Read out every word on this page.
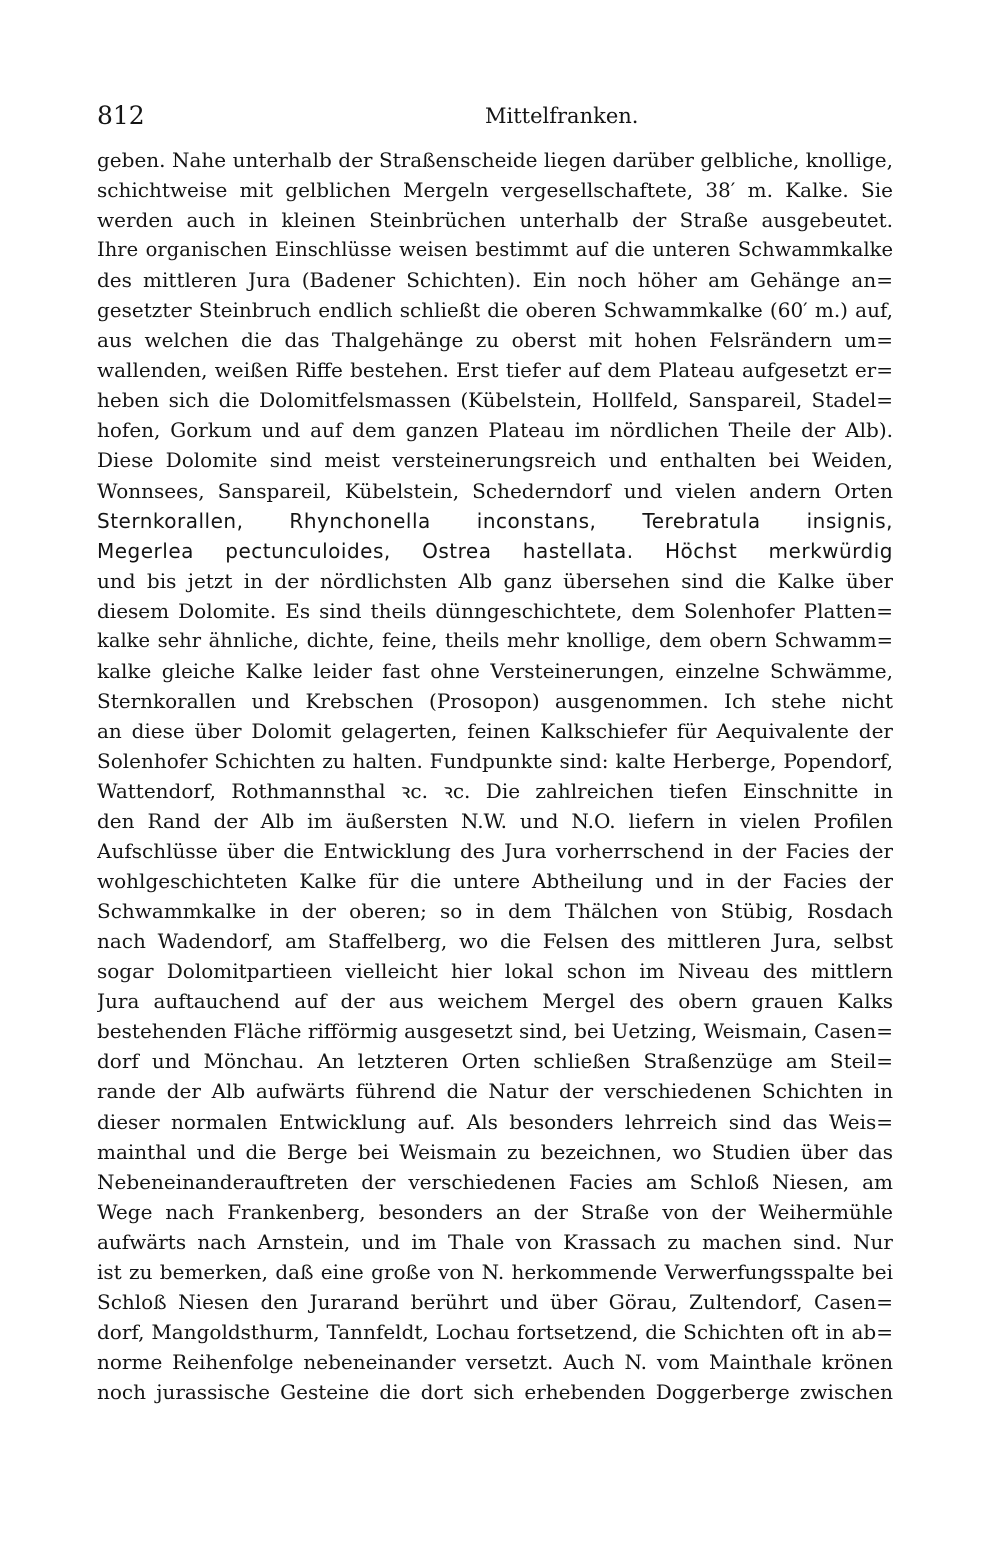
812	Mittelfranken.
geben. Nahe unterhalb der Straßenscheide liegen darüber gelbliche, knollige,
schichtweise mit gelblichen Mergeln vergesellschaftete, 38′ m. Kalke. Sie
werden auch in kleinen Steinbrüchen unterhalb der Straße ausgebeutet.
Ihre organischen Einschlüsse weisen bestimmt auf die unteren Schwammkalke
des mittleren Jura (Badener Schichten). Ein noch höher am Gehänge an=
gesetzter Steinbruch endlich schließt die oberen Schwammkalke (60′ m.) auf,
aus welchen die das Thalgehänge zu oberst mit hohen Felsrändern um=
wallenden, weißen Riffe bestehen. Erst tiefer auf dem Plateau aufgesetzt er=
heben sich die Dolomitfelsmassen (Kübelstein, Hollfeld, Sanspareil, Stadel=
hofen, Gorkum und auf dem ganzen Plateau im nördlichen Theile der Alb).
Diese Dolomite sind meist versteinerungsreich und enthalten bei Weiden,
Wonnsees, Sanspareil, Kübelstein, Schederndorf und vielen andern Orten
Sternkorallen, Rhynchonella inconstans, Terebratula insignis,
Megerlea pectunculoides, Ostrea hastellata. Höchst merkwürdig
und bis jetzt in der nördlichsten Alb ganz übersehen sind die Kalke über
diesem Dolomite. Es sind theils dünngeschichtete, dem Solenhofer Platten=
kalke sehr ähnliche, dichte, feine, theils mehr knollige, dem obern Schwamm=
kalke gleiche Kalke leider fast ohne Versteinerungen, einzelne Schwämme,
Sternkorallen und Krebschen (Prosopon) ausgenommen. Ich stehe nicht
an diese über Dolomit gelagerten, feinen Kalkschiefer für Aequivalente der
Solenhofer Schichten zu halten. Fundpunkte sind: kalte Herberge, Popendorf,
Wattendorf, Rothmannsthal ꝛc. ꝛc. Die zahlreichen tiefen Einschnitte in
den Rand der Alb im äußersten N.W. und N.O. liefern in vielen Profilen
Aufschlüsse über die Entwicklung des Jura vorherrschend in der Facies der
wohlgeschichteten Kalke für die untere Abtheilung und in der Facies der
Schwammkalke in der oberen; so in dem Thälchen von Stübig, Rosdach
nach Wadendorf, am Staffelberg, wo die Felsen des mittleren Jura, selbst
sogar Dolomitpartieen vielleicht hier lokal schon im Niveau des mittlern
Jura auftauchend auf der aus weichem Mergel des obern grauen Kalks
bestehenden Fläche rifförmig ausgesetzt sind, bei Uetzing, Weismain, Casen=
dorf und Mönchau. An letzteren Orten schließen Straßenzüge am Steil=
rande der Alb aufwärts führend die Natur der verschiedenen Schichten in
dieser normalen Entwicklung auf. Als besonders lehrreich sind das Weis=
mainthal und die Berge bei Weismain zu bezeichnen, wo Studien über das
Nebeneinanderauftreten der verschiedenen Facies am Schloß Niesen, am
Wege nach Frankenberg, besonders an der Straße von der Weihermühle
aufwärts nach Arnstein, und im Thale von Krassach zu machen sind. Nur
ist zu bemerken, daß eine große von N. herkommende Verwerfungsspalte bei
Schloß Niesen den Jurarand berührt und über Görau, Zultendorf, Casen=
dorf, Mangoldsthurm, Tannfeldt, Lochau fortsetzend, die Schichten oft in ab=
norme Reihenfolge nebeneinander versetzt. Auch N. vom Mainthale krönen
noch jurassische Gesteine die dort sich erhebenden Doggerberge zwischen
